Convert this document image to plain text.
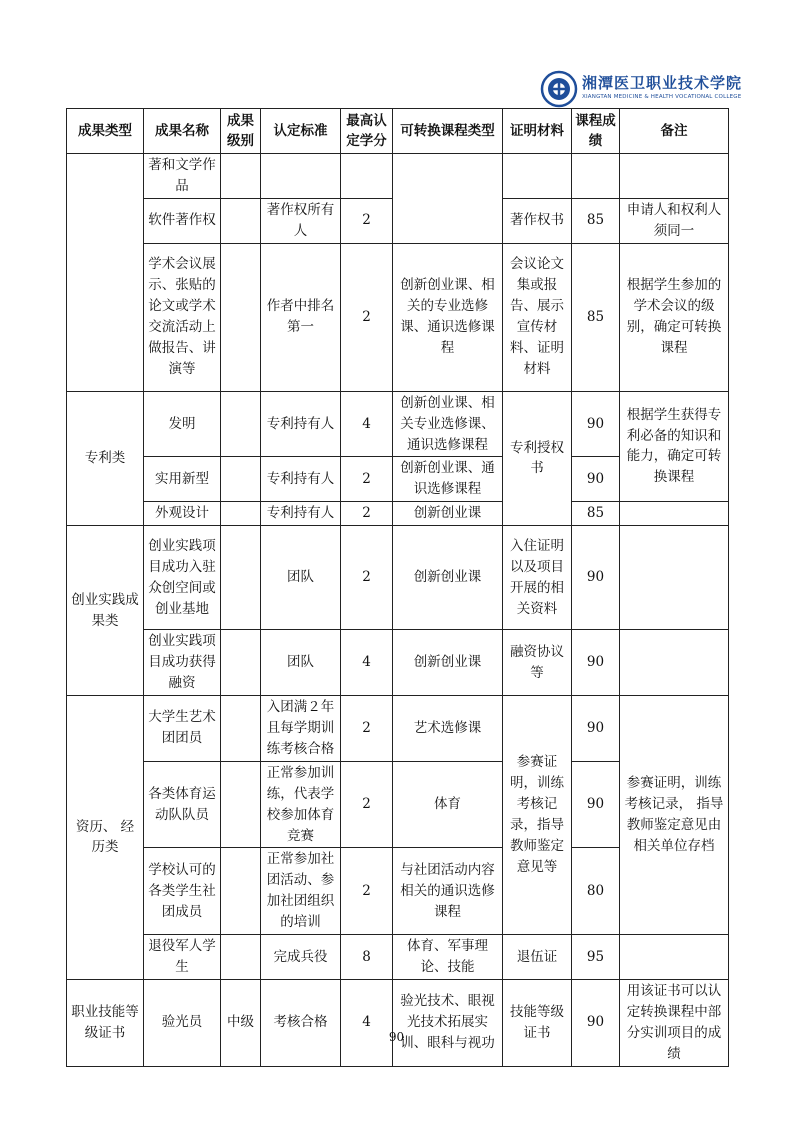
湘潭医卫职业技术学院
XIANGTAN MEDICINE & HEALTH VOCATIONAL COLLEGE
成果类型	成果名称	成果级别	认定标准	最高认定学分	可转换课程类型	证明材料	课程成绩	备注
	著和文学作品							
	软件著作权		著作权所有人	2		著作权书	85	申请人和权利人须同一
	学术会议展示、张贴的论文或学术交流活动上做报告、讲演等		作者中排名第一	2	创新创业课、相关的专业选修课、通识选修课程	会议论文集或报告、展示宣传材料、证明材料	85	根据学生参加的学术会议的级别，确定可转换课程
专利类	发明		专利持有人	4	创新创业课、相关专业选修课、通识选修课程	专利授权书	90	根据学生获得专利必备的知识和能力，确定可转换课程
	实用新型		专利持有人	2	创新创业课、通识选修课程		90	
	外观设计		专利持有人	2	创新创业课		85	
创业实践成果类	创业实践项目成功入驻众创空间或 创业基地		团队	2	创新创业课	入住证明以及项目开展的相关资料	90	
	创业实践项目成功获得融资		团队	4	创新创业课	融资协议等	90	
资历、 经历类	大学生艺术团团员		入团满２年且每学期训练考核合格	2	艺术选修课	参赛证明，训练考核记录，指导教师鉴定意见等	90	参赛证明，训练考核记录， 指导教师鉴定意见由相关单位存档
	各类体育运动队队员		正常参加训练，代表学校参加体育竞赛	2	体育		90	
	学校认可的各类学生社团成员		正常参加社团活动、参加社团组织的培训	2	与社团活动内容相关的通识选修课程		80	
	退役军人学生		完成兵役	8	体育、军事理论、技能	退伍证	95	
职业技能等级证书	验光员	中级	考核合格	4	验光技术、眼视光技术拓展实训、眼科与视功	技能等级证书	90	用该证书可以认定转换课程中部分实训项目的成绩
90
